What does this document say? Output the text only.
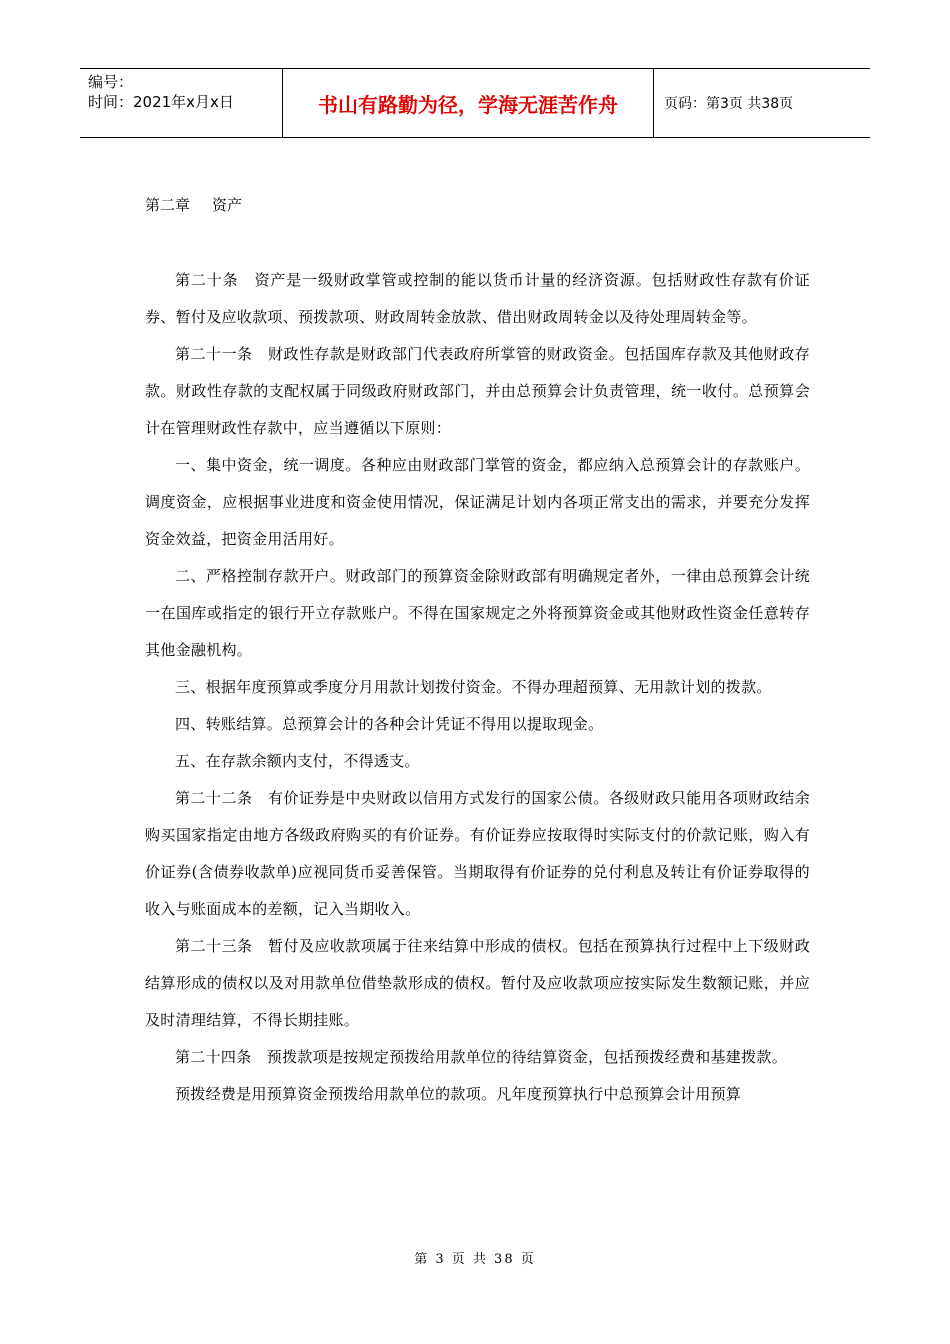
编号：
时间：2021年x月x日	书山有路勤为径，学海无涯苦作舟	页码：第3页 共38页
第二章 资产

第二十条　资产是一级财政掌管或控制的能以货币计量的经济资源。包括财政性存款有价证券、暂付及应收款项、预拨款项、财政周转金放款、借出财政周转金以及待处理周转金等。

第二十一条　财政性存款是财政部门代表政府所掌管的财政资金。包括国库存款及其他财政存款。财政性存款的支配权属于同级政府财政部门，并由总预算会计负责管理，统一收付。总预算会计在管理财政性存款中，应当遵循以下原则：

一、集中资金，统一调度。各种应由财政部门掌管的资金，都应纳入总预算会计的存款账户。调度资金，应根据事业进度和资金使用情况，保证满足计划内各项正常支出的需求，并要充分发挥资金效益，把资金用活用好。

二、严格控制存款开户。财政部门的预算资金除财政部有明确规定者外，一律由总预算会计统一在国库或指定的银行开立存款账户。不得在国家规定之外将预算资金或其他财政性资金任意转存其他金融机构。

三、根据年度预算或季度分月用款计划拨付资金。不得办理超预算、无用款计划的拨款。

四、转账结算。总预算会计的各种会计凭证不得用以提取现金。

五、在存款余额内支付，不得透支。

第二十二条　有价证券是中央财政以信用方式发行的国家公债。各级财政只能用各项财政结余购买国家指定由地方各级政府购买的有价证券。有价证券应按取得时实际支付的价款记账，购入有价证券(含债券收款单)应视同货币妥善保管。当期取得有价证券的兑付利息及转让有价证券取得的收入与账面成本的差额，记入当期收入。

第二十三条　暂付及应收款项属于往来结算中形成的债权。包括在预算执行过程中上下级财政结算形成的债权以及对用款单位借垫款形成的债权。暂付及应收款项应按实际发生数额记账，并应及时清理结算，不得长期挂账。

第二十四条　预拨款项是按规定预拨给用款单位的待结算资金，包括预拨经费和基建拨款。

预拨经费是用预算资金预拨给用款单位的款项。凡年度预算执行中总预算会计用预算

第 3 页 共 38 页
